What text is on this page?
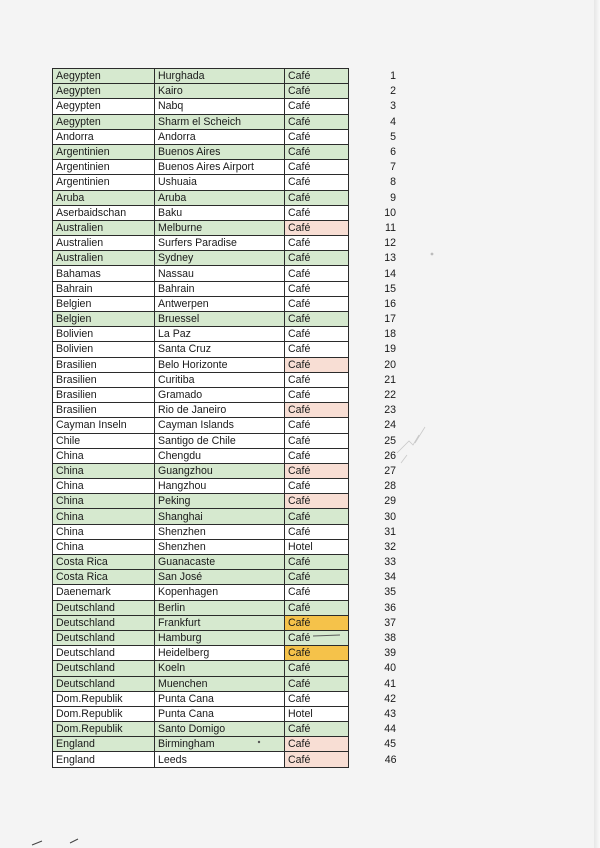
Aegypten	Hurghada	Café	1
Aegypten	Kairo	Café	2
Aegypten	Nabq	Café	3
Aegypten	Sharm el Scheich	Café	4
Andorra	Andorra	Café	5
Argentinien	Buenos Aires	Café	6
Argentinien	Buenos Aires Airport	Café	7
Argentinien	Ushuaia	Café	8
Aruba	Aruba	Café	9
Aserbaidschan	Baku	Café	10
Australien	Melburne	Café	11
Australien	Surfers Paradise	Café	12
Australien	Sydney	Café	13
Bahamas	Nassau	Café	14
Bahrain	Bahrain	Café	15
Belgien	Antwerpen	Café	16
Belgien	Bruessel	Café	17
Bolivien	La Paz	Café	18
Bolivien	Santa Cruz	Café	19
Brasilien	Belo Horizonte	Café	20
Brasilien	Curitiba	Café	21
Brasilien	Gramado	Café	22
Brasilien	Rio de Janeiro	Café	23
Cayman Inseln	Cayman Islands	Café	24
Chile	Santigo de Chile	Café	25
China	Chengdu	Café	26
China	Guangzhou	Café	27
China	Hangzhou	Café	28
China	Peking	Café	29
China	Shanghai	Café	30
China	Shenzhen	Café	31
China	Shenzhen	Hotel	32
Costa Rica	Guanacaste	Café	33
Costa Rica	San José	Café	34
Daenemark	Kopenhagen	Café	35
Deutschland	Berlin	Café	36
Deutschland	Frankfurt	Café	37
Deutschland	Hamburg	Café	38
Deutschland	Heidelberg	Café	39
Deutschland	Koeln	Café	40
Deutschland	Muenchen	Café	41
Dom.Republik	Punta Cana	Café	42
Dom.Republik	Punta Cana	Hotel	43
Dom.Republik	Santo Domigo	Café	44
England	Birmingham	Café	45
England	Leeds	Café	46
